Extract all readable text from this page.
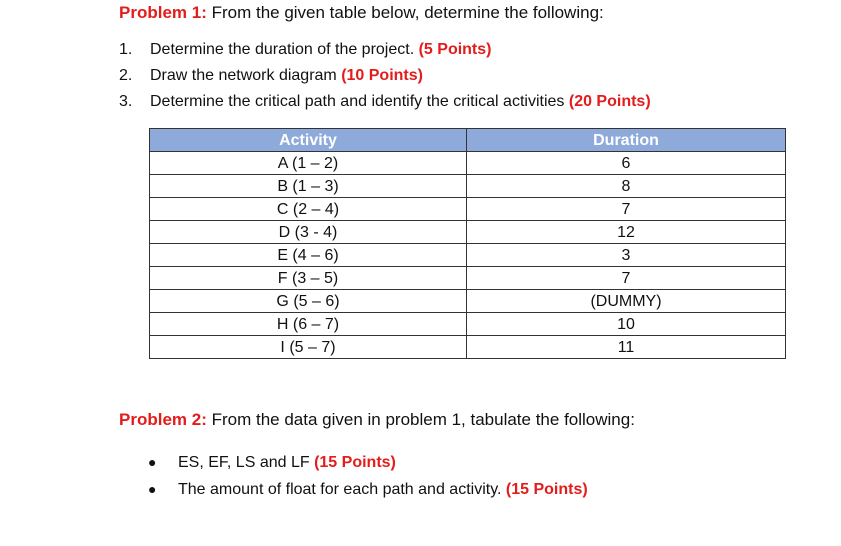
Problem 1: From the given table below, determine the following:
1. Determine the duration of the project. (5 Points)
2. Draw the network diagram (10 Points)
3. Determine the critical path and identify the critical activities (20 Points)
Activity	Duration
A (1 – 2)	6
B (1 – 3)	8
C (2 – 4)	7
D (3 - 4)	12
E (4 – 6)	3
F (3 – 5)	7
G (5 – 6)	(DUMMY)
H (6 – 7)	10
I (5 – 7)	11
Problem 2: From the data given in problem 1, tabulate the following:
● ES, EF, LS and LF (15 Points)
● The amount of float for each path and activity. (15 Points)
